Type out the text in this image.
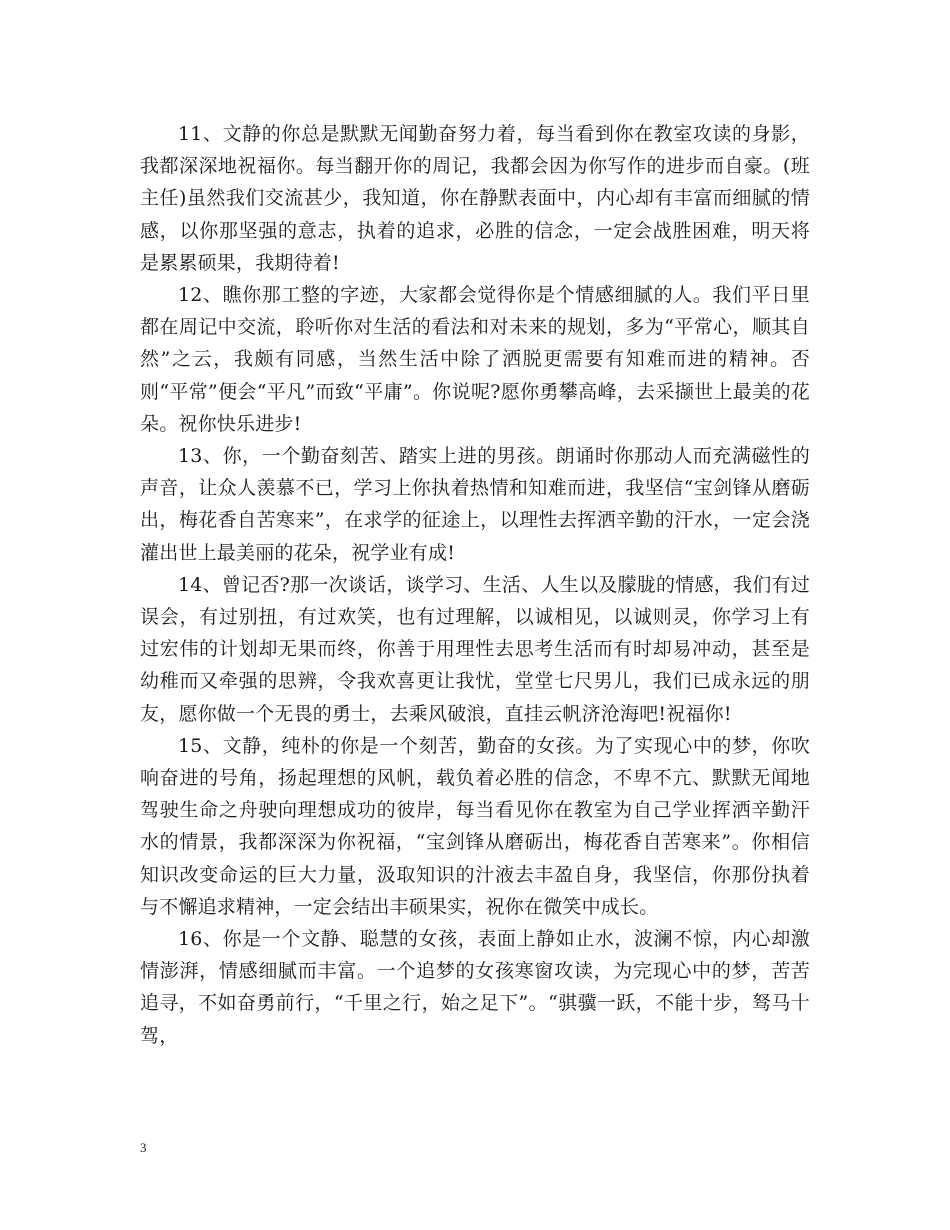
11、文静的你总是默默无闻勤奋努力着，每当看到你在教室攻读的身影，我都深深地祝福你。每当翻开你的周记，我都会因为你写作的进步而自豪。(班主任)虽然我们交流甚少，我知道，你在静默表面中，内心却有丰富而细腻的情感，以你那坚强的意志，执着的追求，必胜的信念，一定会战胜困难，明天将是累累硕果，我期待着!

12、瞧你那工整的字迹，大家都会觉得你是个情感细腻的人。我们平日里都在周记中交流，聆听你对生活的看法和对未来的规划，多为“平常心，顺其自然”之云，我颇有同感，当然生活中除了洒脱更需要有知难而进的精神。否则“平常”便会“平凡”而致“平庸”。你说呢?愿你勇攀高峰，去采撷世上最美的花朵。祝你快乐进步!

13、你，一个勤奋刻苦、踏实上进的男孩。朗诵时你那动人而充满磁性的声音，让众人羡慕不已，学习上你执着热情和知难而进，我坚信“宝剑锋从磨砺出，梅花香自苦寒来”，在求学的征途上，以理性去挥洒辛勤的汗水，一定会浇灌出世上最美丽的花朵，祝学业有成!

14、曾记否?那一次谈话，谈学习、生活、人生以及朦胧的情感，我们有过误会，有过别扭，有过欢笑，也有过理解，以诚相见，以诚则灵，你学习上有过宏伟的计划却无果而终，你善于用理性去思考生活而有时却易冲动，甚至是幼稚而又牵强的思辨，令我欢喜更让我忧，堂堂七尺男儿，我们已成永远的朋友，愿你做一个无畏的勇士，去乘风破浪，直挂云帆济沧海吧!祝福你!

15、文静，纯朴的你是一个刻苦，勤奋的女孩。为了实现心中的梦，你吹响奋进的号角，扬起理想的风帆，载负着必胜的信念，不卑不亢、默默无闻地驾驶生命之舟驶向理想成功的彼岸，每当看见你在教室为自己学业挥洒辛勤汗水的情景，我都深深为你祝福，“宝剑锋从磨砺出，梅花香自苦寒来”。你相信知识改变命运的巨大力量，汲取知识的汁液去丰盈自身，我坚信，你那份执着与不懈追求精神，一定会结出丰硕果实，祝你在微笑中成长。

16、你是一个文静、聪慧的女孩，表面上静如止水，波澜不惊，内心却激情澎湃，情感细腻而丰富。一个追梦的女孩寒窗攻读，为完现心中的梦，苦苦追寻，不如奋勇前行，“千里之行，始之足下”。“骐骥一跃，不能十步，驽马十驾，

3
